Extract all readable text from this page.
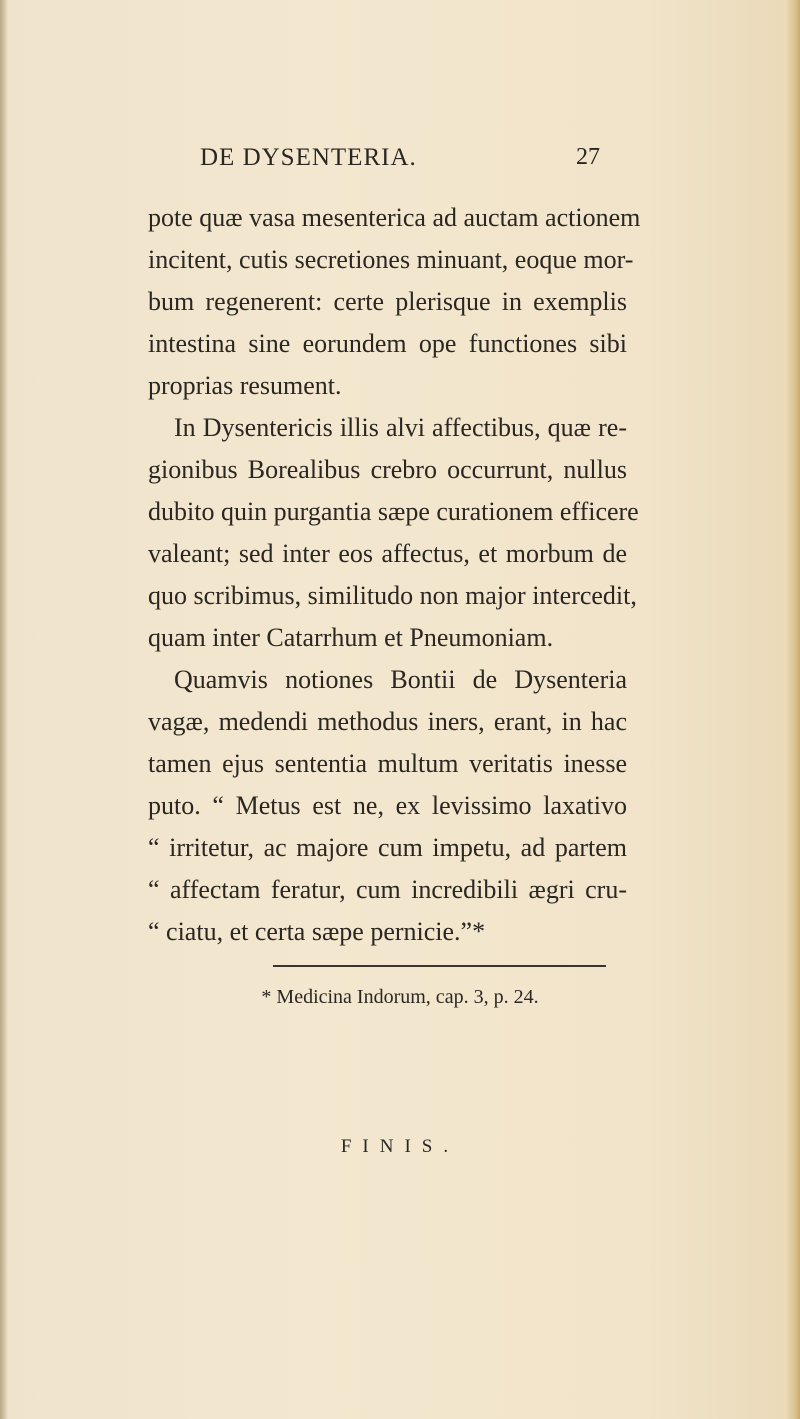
DE DYSENTERIA.	27
pote quæ vasa mesenterica ad auctam actionem
incitent, cutis secretiones minuant, eoque mor-
bum regenerent: certe plerisque in exemplis
intestina sine eorundem ope functiones sibi
proprias resument.
In Dysentericis illis alvi affectibus, quæ re-
gionibus Borealibus crebro occurrunt, nullus
dubito quin purgantia sæpe curationem efficere
valeant; sed inter eos affectus, et morbum de
quo scribimus, similitudo non major intercedit,
quam inter Catarrhum et Pneumoniam.
Quamvis notiones Bontii de Dysenteria
vagæ, medendi methodus iners, erant, in hac
tamen ejus sententia multum veritatis inesse
puto. “ Metus est ne, ex levissimo laxativo
“ irritetur, ac majore cum impetu, ad partem
“ affectam feratur, cum incredibili ægri cru-
“ ciatu, et certa sæpe pernicie.”*
* Medicina Indorum, cap. 3, p. 24.
FINIS.
